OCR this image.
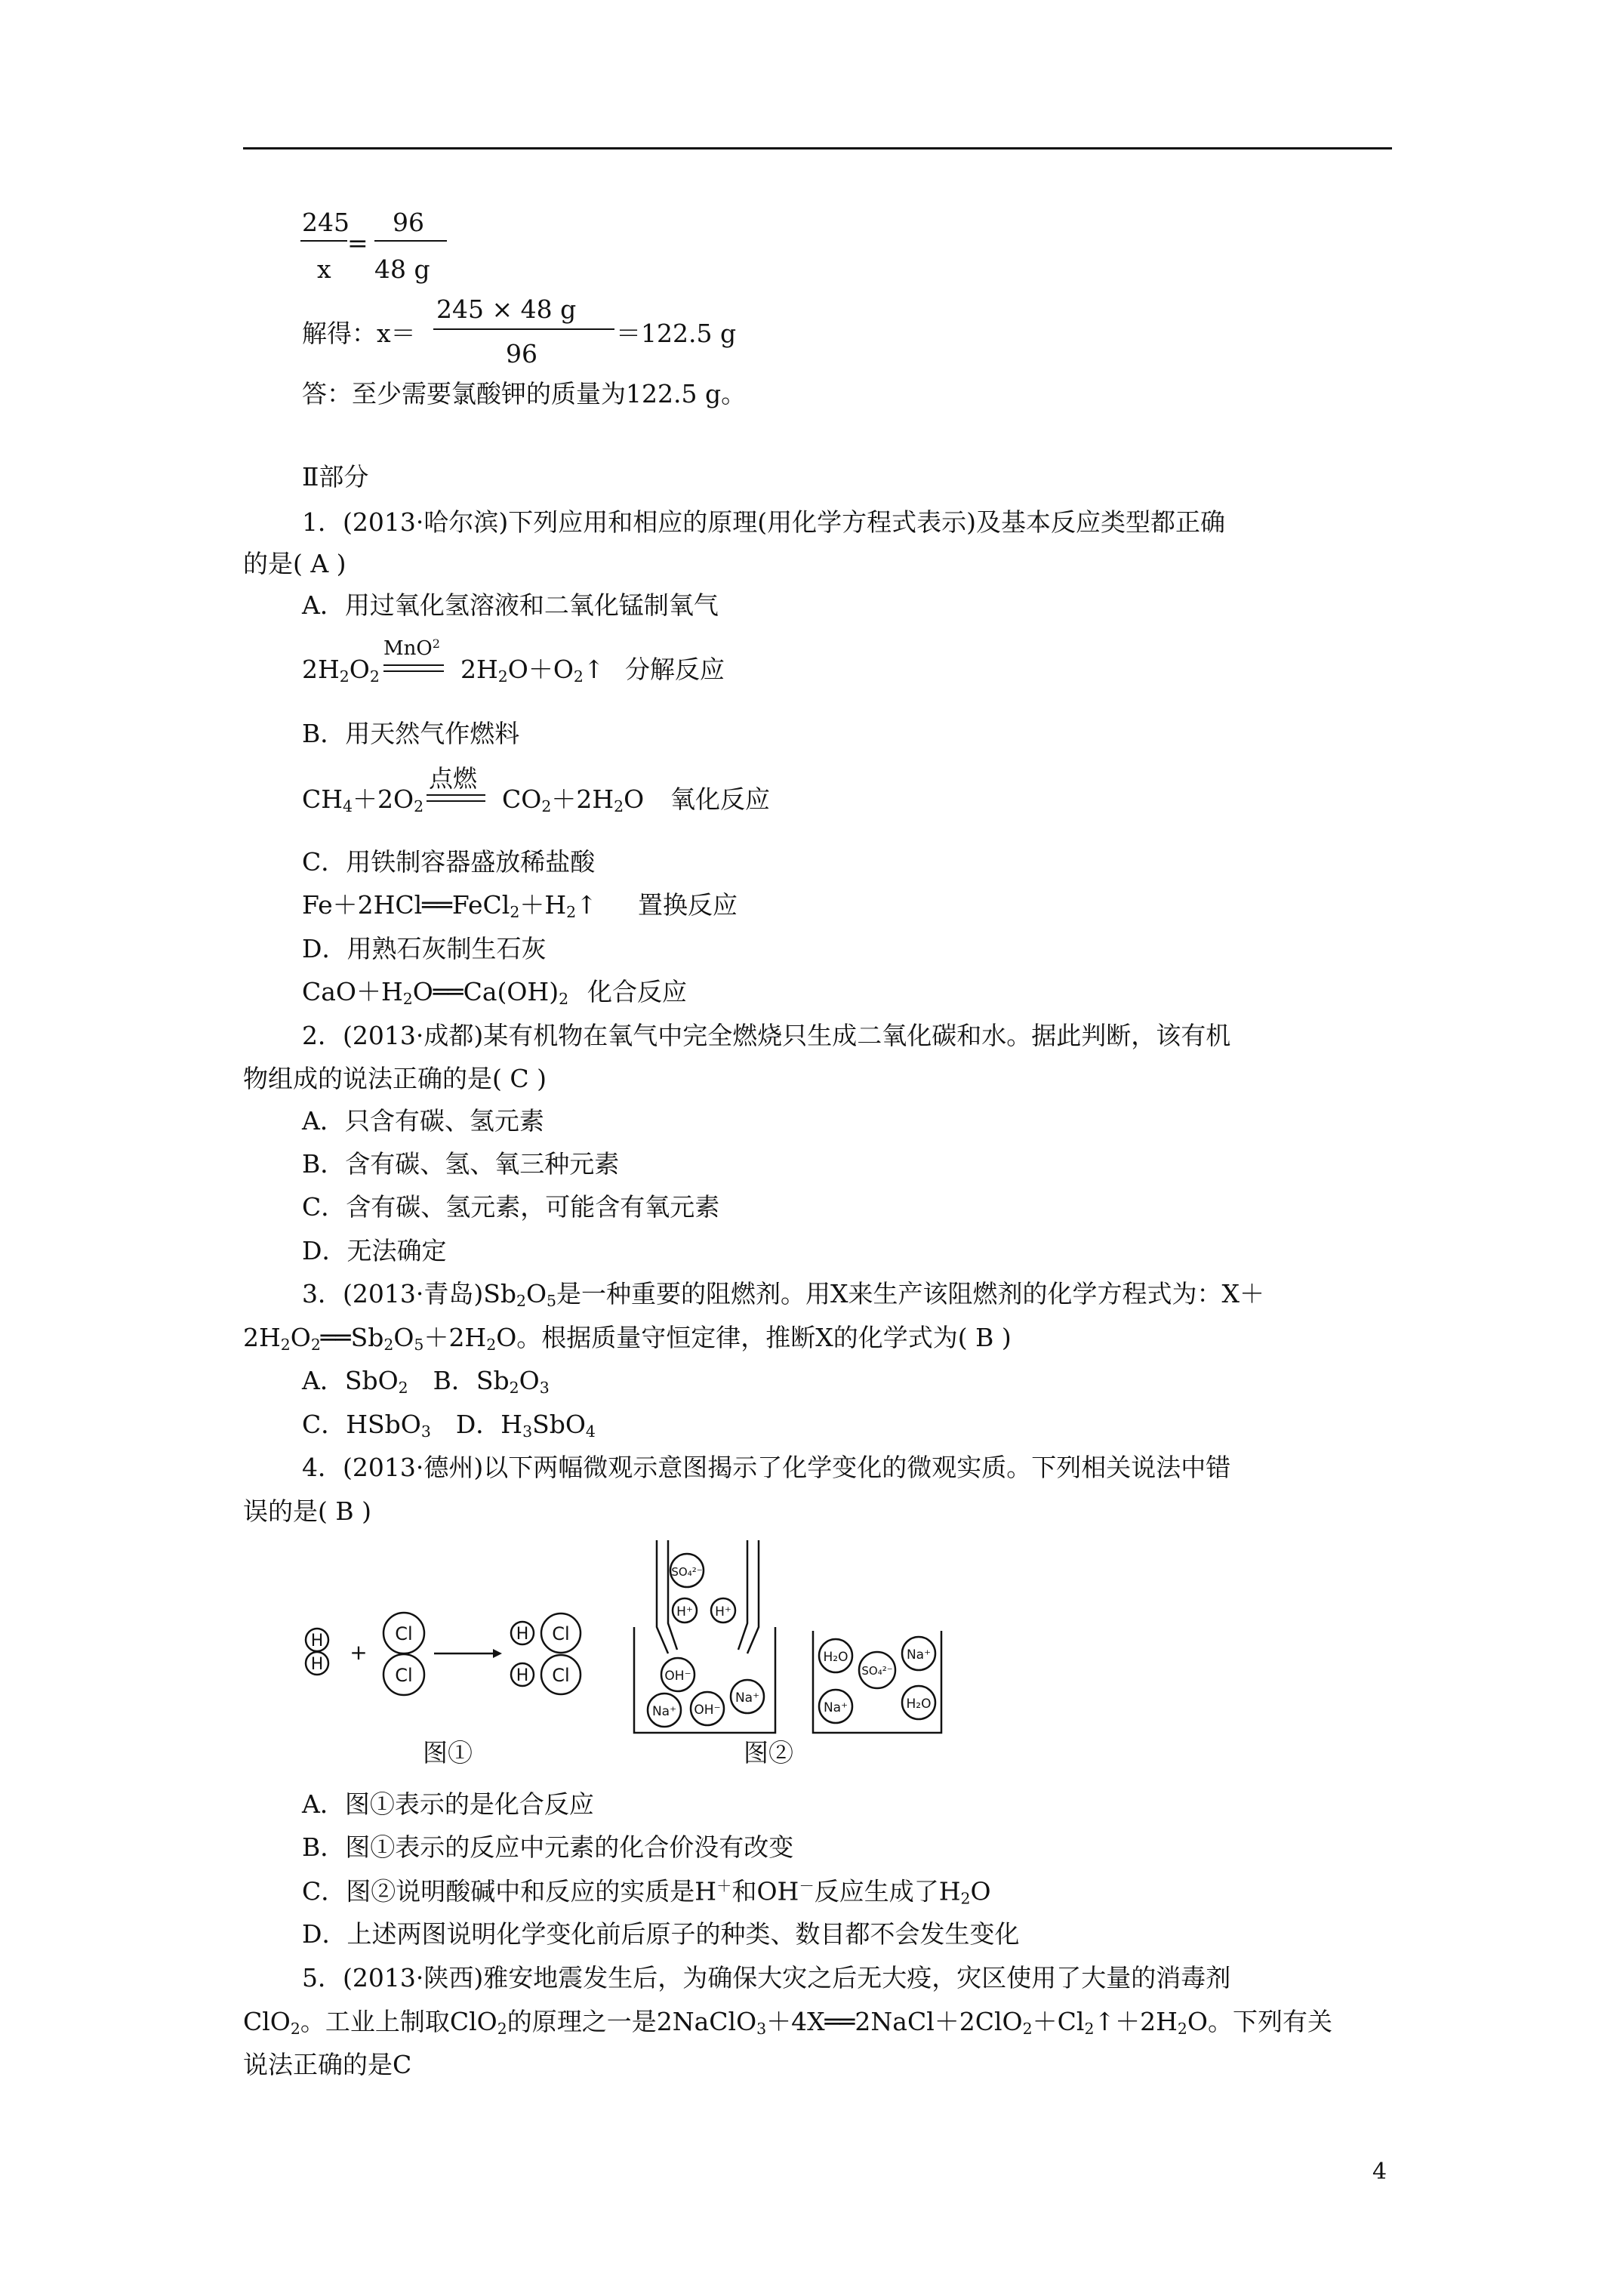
245
x
=
96
48 g
解得：x＝
245 × 48 g
96
＝122.5 g
答：至少需要氯酸钾的质量为122.5 g。
Ⅱ部分
1．(2013·哈尔滨)下列应用和相应的原理(用化学方程式表示)及基本反应类型都正确
的是( A )
A．用过氧化氢溶液和二氧化锰制氧气
MnO$^2$
$2H_2O_2$	$2H_2O+O_2↑$ 分解反应
B．用天然气作燃料
点燃
$CH_4+2O_2$	$CO_2+2H_2O$ 氧化反应
C．用铁制容器盛放稀盐酸
$Fe+2HCl══FeCl_2+H_2↑$ 置换反应
D．用熟石灰制生石灰
$CaO+H_2O══Ca(OH)_2$ 化合反应
2．(2013·成都)某有机物在氧气中完全燃烧只生成二氧化碳和水。据此判断，该有机
物组成的说法正确的是( C )
A．只含有碳、氢元素
B．含有碳、氢、氧三种元素
C．含有碳、氢元素，可能含有氧元素
D．无法确定
3．(2013·青岛)$Sb_2O_5$是一种重要的阻燃剂。用X来生产该阻燃剂的化学方程式为：X＋
$2H_2O_2══Sb_2O_5+2H_2O$。根据质量守恒定律，推断X的化学式为( B )
A．SbO$_2$　 B．$Sb_2O_3$
C．HSbO$_3$　 D．$H_3SbO_4$
4．(2013·德州)以下两幅微观示意图揭示了化学变化的微观实质。下列相关说法中错
误的是( B )
H
H +
Cl
Cl
H Cl
H Cl
图①
SO₄²⁻
H⁺ H⁺
OH⁻
Na⁺ OH⁻
Na⁺
H₂O
SO₄²⁻
Na⁺
Na⁺	H₂O
图②
A．图①表示的是化合反应
B．图①表示的反应中元素的化合价没有改变
C．图②说明酸碱中和反应的实质是H＋和OH－反应生成了$H_2O$
D．上述两图说明化学变化前后原子的种类、数目都不会发生变化
5．(2013·陕西)雅安地震发生后，为确保大灾之后无大疫，灾区使用了大量的消毒剂
ClO$_2$。工业上制取ClO$_2$的原理之一是$2NaClO_3+4X══2NaCl+2ClO_2+Cl_2↑+2H_2O$。下列有关
说法正确的是C
4
